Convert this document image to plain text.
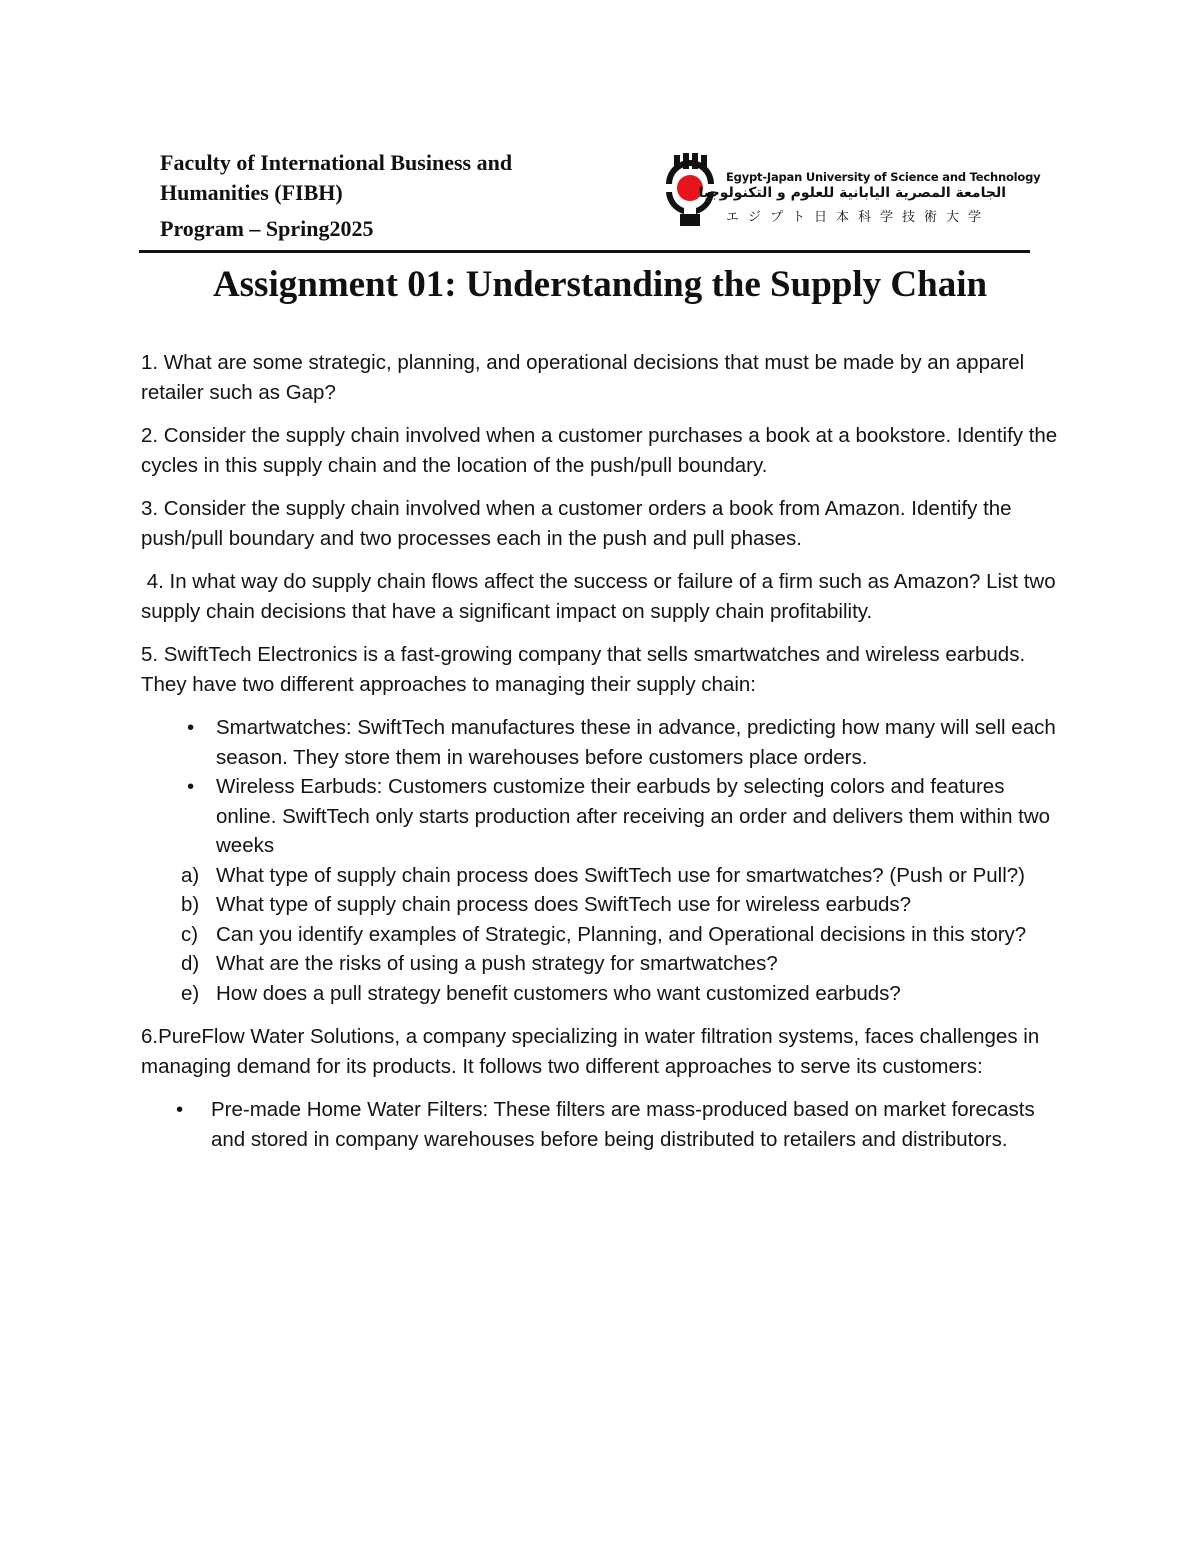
Faculty of International Business and
Humanities (FIBH)
Program – Spring2025
Egypt-Japan University of Science and Technology
الجامعة المصرية اليابانية للعلوم و التكنولوجيا
エジプト日本科学技術大学
Assignment 01: Understanding the Supply Chain

1. What are some strategic, planning, and operational decisions that must be made by an apparel retailer such as Gap?

2. Consider the supply chain involved when a customer purchases a book at a bookstore. Identify the cycles in this supply chain and the location of the push/pull boundary.

3. Consider the supply chain involved when a customer orders a book from Amazon. Identify the push/pull boundary and two processes each in the push and pull phases.

4. In what way do supply chain flows affect the success or failure of a firm such as Amazon? List two supply chain decisions that have a significant impact on supply chain profitability.

5. SwiftTech Electronics is a fast-growing company that sells smartwatches and wireless earbuds. They have two different approaches to managing their supply chain:

• Smartwatches: SwiftTech manufactures these in advance, predicting how many will sell each season. They store them in warehouses before customers place orders.
• Wireless Earbuds: Customers customize their earbuds by selecting colors and features online. SwiftTech only starts production after receiving an order and delivers them within two weeks
a) What type of supply chain process does SwiftTech use for smartwatches? (Push or Pull?)
b) What type of supply chain process does SwiftTech use for wireless earbuds?
c) Can you identify examples of Strategic, Planning, and Operational decisions in this story?
d) What are the risks of using a push strategy for smartwatches?
e) How does a pull strategy benefit customers who want customized earbuds?

6.PureFlow Water Solutions, a company specializing in water filtration systems, faces challenges in managing demand for its products. It follows two different approaches to serve its customers:

• Pre-made Home Water Filters: These filters are mass-produced based on market forecasts and stored in company warehouses before being distributed to retailers and distributors.
